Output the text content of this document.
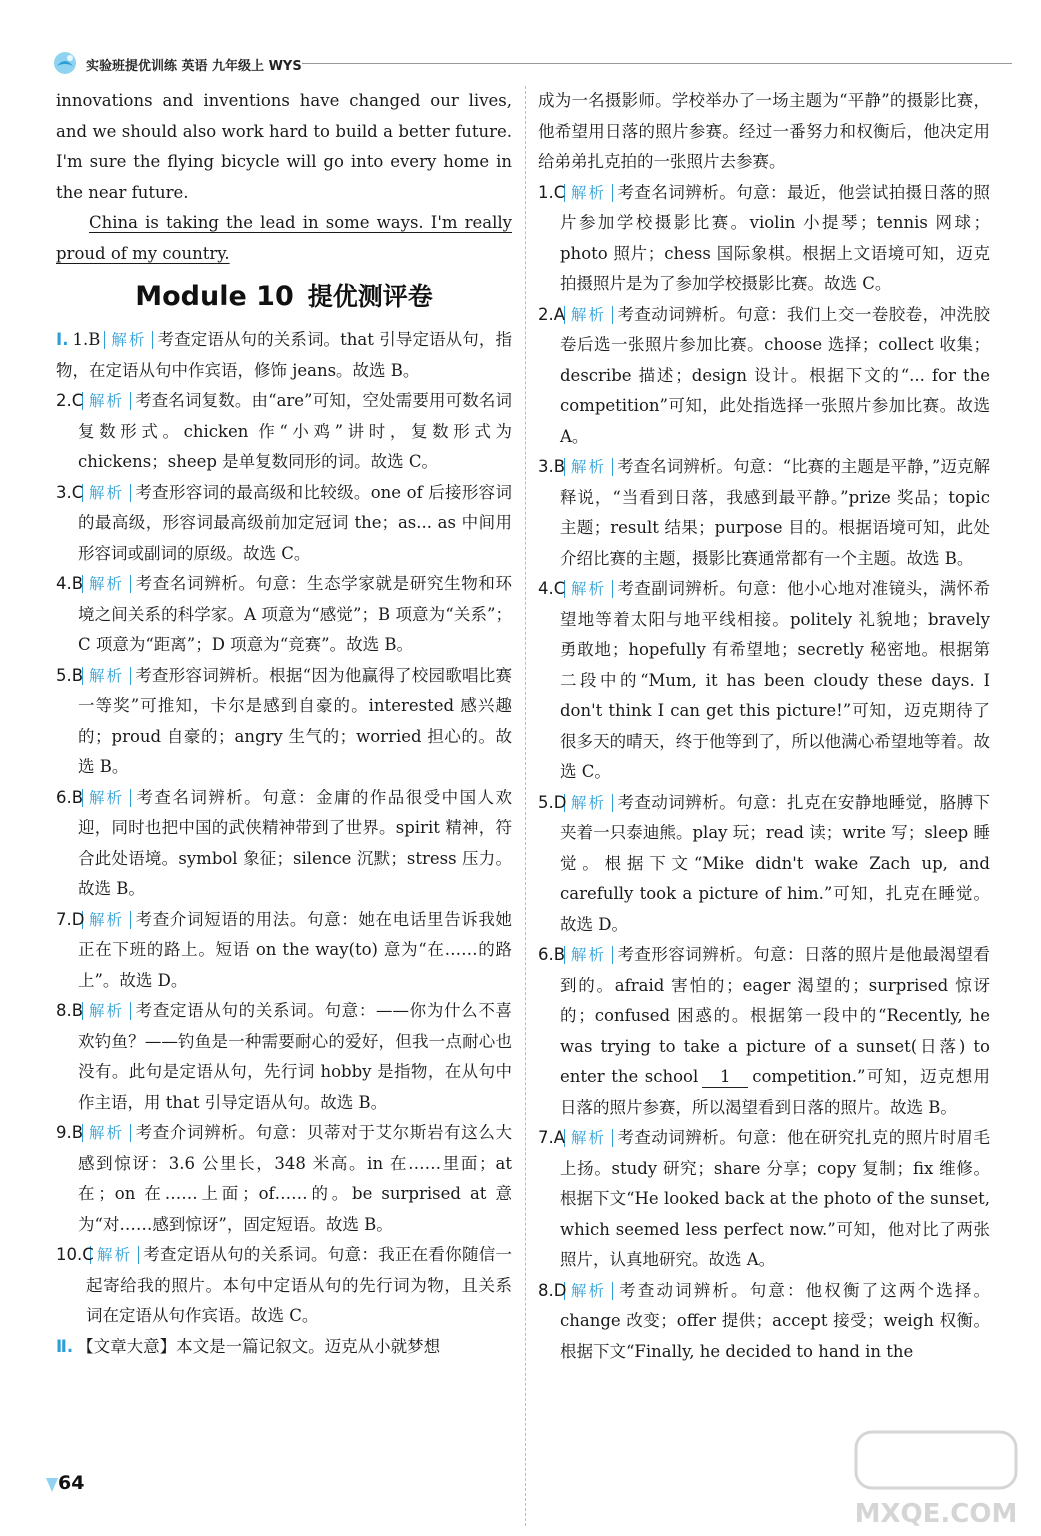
实验班提优训练 英语 九年级上 WYS

innovations and inventions have changed our lives, and we should also work hard to build a better future. I'm sure the flying bicycle will go into every home in the near future.

China is taking the lead in some ways. I'm really proud of my country.

Module 10 提优测评卷
Ⅰ. 1.B 解析 考查定语从句的关系词。that 引导定语从句，指物，在定语从句中作宾语，修饰 jeans。故选 B。
2.C 解析 考查名词复数。由“are”可知，空处需要用可数名词复数形式。chicken 作“小鸡”讲时，复数形式为 chickens；sheep 是单复数同形的词。故选 C。
3.C 解析 考查形容词的最高级和比较级。one of 后接形容词的最高级，形容词最高级前加定冠词 the；as... as 中间用形容词或副词的原级。故选 C。
4.B 解析 考查名词辨析。句意：生态学家就是研究生物和环境之间关系的科学家。A 项意为“感觉”；B 项意为“关系”；C 项意为“距离”；D 项意为“竞赛”。故选 B。
5.B 解析 考查形容词辨析。根据“因为他赢得了校园歌唱比赛一等奖”可推知，卡尔是感到自豪的。interested 感兴趣的；proud 自豪的；angry 生气的；worried 担心的。故选 B。
6.B 解析 考查名词辨析。句意：金庸的作品很受中国人欢迎，同时也把中国的武侠精神带到了世界。spirit 精神，符合此处语境。symbol 象征；silence 沉默；stress 压力。故选 B。
7.D 解析 考查介词短语的用法。句意：她在电话里告诉我她正在下班的路上。短语 on the way(to) 意为“在……的路上”。故选 D。
8.B 解析 考查定语从句的关系词。句意：——你为什么不喜欢钓鱼？——钓鱼是一种需要耐心的爱好，但我一点耐心也没有。此句是定语从句，先行词 hobby 是指物，在从句中作主语，用 that 引导定语从句。故选 B。
9.B 解析 考查介词辨析。句意：贝蒂对于艾尔斯岩有这么大感到惊讶：3.6 公里长，348 米高。in 在……里面；at 在；on 在……上面；of……的。be surprised at 意为“对……感到惊讶”，固定短语。故选 B。
10.C 解析 考查定语从句的关系词。句意：我正在看你随信一起寄给我的照片。本句中定语从句的先行词为物，且关系词在定语从句作宾语。故选 C。
Ⅱ. 【文章大意】本文是一篇记叙文。迈克从小就梦想

成为一名摄影师。学校举办了一场主题为“平静”的摄影比赛，他希望用日落的照片参赛。经过一番努力和权衡后，他决定用给弟弟扎克拍的一张照片去参赛。

1.C 解析 考查名词辨析。句意：最近，他尝试拍摄日落的照片参加学校摄影比赛。violin 小提琴；tennis 网球；photo 照片；chess 国际象棋。根据上文语境可知，迈克拍摄照片是为了参加学校摄影比赛。故选 C。
2.A 解析 考查动词辨析。句意：我们上交一卷胶卷，冲洗胶卷后选一张照片参加比赛。choose 选择；collect 收集；describe 描述；design 设计。根据下文的“... for the competition”可知，此处指选择一张照片参加比赛。故选 A。
3.B 解析 考查名词辨析。句意：“比赛的主题是平静，”迈克解释说，“当看到日落，我感到最平静。”prize 奖品；topic 主题；result 结果；purpose 目的。根据语境可知，此处介绍比赛的主题，摄影比赛通常都有一个主题。故选 B。
4.C 解析 考查副词辨析。句意：他小心地对准镜头，满怀希望地等着太阳与地平线相接。politely 礼貌地；bravely 勇敢地；hopefully 有希望地；secretly 秘密地。根据第二段中的“Mum, it has been cloudy these days. I don't think I can get this picture!”可知，迈克期待了很多天的晴天，终于他等到了，所以他满心希望地等着。故选 C。
5.D 解析 考查动词辨析。句意：扎克在安静地睡觉，胳膊下夹着一只泰迪熊。play 玩；read 读；write 写；sleep 睡觉。根据下文“Mike didn't wake Zach up, and carefully took a picture of him.”可知，扎克在睡觉。故选 D。
6.B 解析 考查形容词辨析。句意：日落的照片是他最渴望看到的。afraid 害怕的；eager 渴望的；surprised 惊讶的；confused 困惑的。根据第一段中的“Recently, he was trying to take a picture of a sunset(日落) to enter the school 1 competition.”可知，迈克想用日落的照片参赛，所以渴望看到日落的照片。故选 B。
7.A 解析 考查动词辨析。句意：他在研究扎克的照片时眉毛上扬。study 研究；share 分享；copy 复制；fix 维修。根据下文“He looked back at the photo of the sunset, which seemed less perfect now.”可知，他对比了两张照片，认真地研究。故选 A。
8.D 解析 考查动词辨析。句意：他权衡了这两个选择。change 改变；offer 提供；accept 接受；weigh 权衡。根据下文“Finally, he decided to hand in the
64
MXQE.COM
